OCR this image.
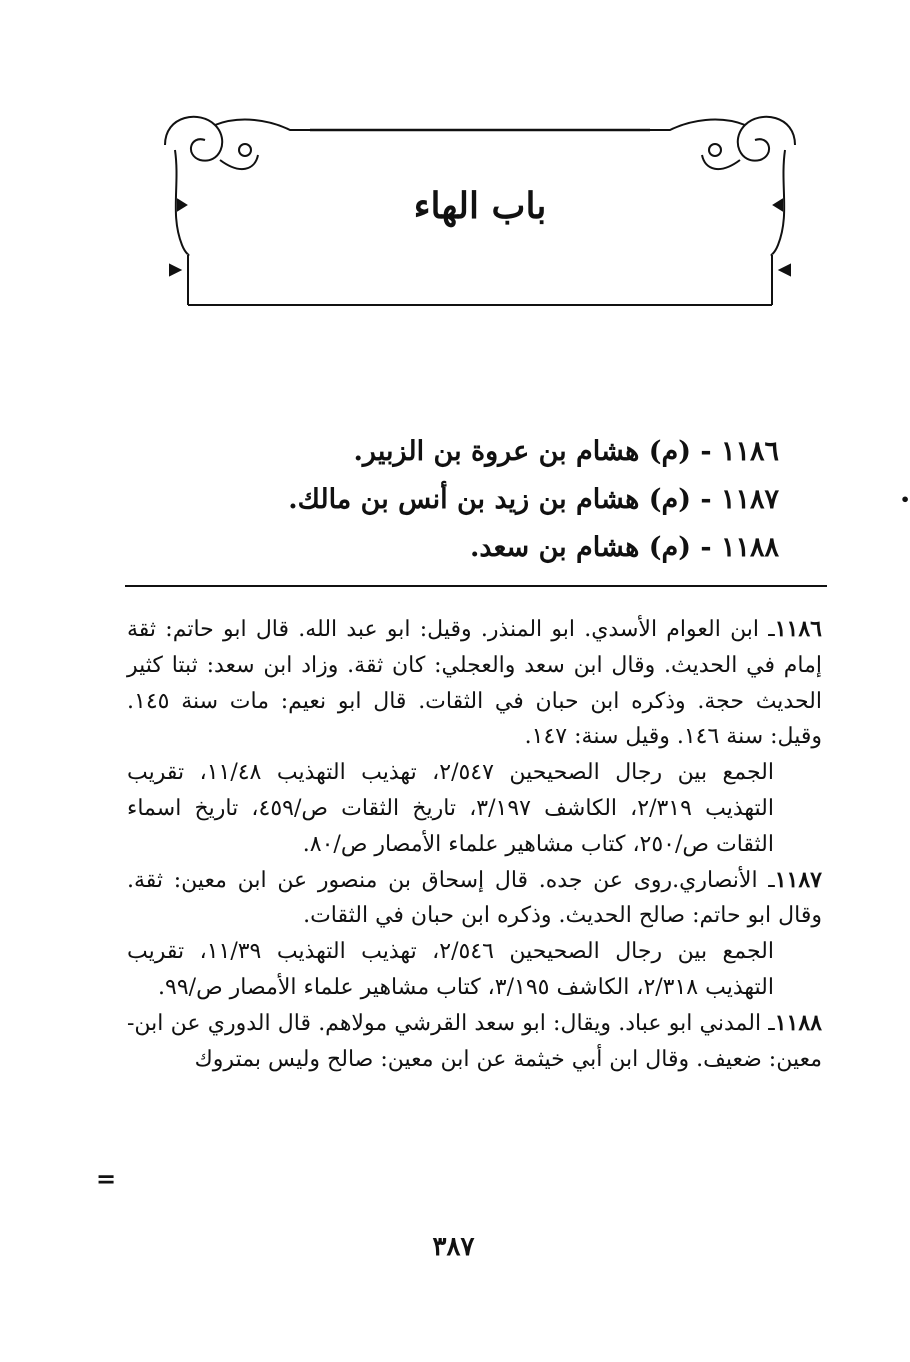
باب الهاء
١١٨٦ - (م) هشام بن عروة بن الزبير.
١١٨٧ - (م) هشام بن زيد بن أنس بن مالك.
١١٨٨ - (م) هشام بن سعد.
•
١١٨٦ـ ابن العوام الأسدي. ابو المنذر. وقيل: ابو عبد الله. قال ابو حاتم: ثقة إمام في الحديث. وقال ابن سعد والعجلي: كان ثقة. وزاد ابن سعد: ثبتا كثير الحديث حجة. وذكره ابن حبان في الثقات. قال ابو نعيم: مات سنة ١٤٥. وقيل: سنة ١٤٦. وقيل سنة: ١٤٧.
الجمع بين رجال الصحيحين ٢/٥٤٧، تهذيب التهذيب ١١/٤٨، تقريب التهذيب ٢/٣١٩، الكاشف ٣/١٩٧، تاريخ الثقات ص/٤٥٩، تاريخ اسماء الثقات ص/٢٥٠، كتاب مشاهير علماء الأمصار ص/٨٠.
١١٨٧ـ الأنصاري.روى عن جده. قال إسحاق بن منصور عن ابن معين: ثقة. وقال ابو حاتم: صالح الحديث. وذكره ابن حبان في الثقات.
الجمع بين رجال الصحيحين ٢/٥٤٦، تهذيب التهذيب ١١/٣٩، تقريب التهذيب ٢/٣١٨، الكاشف ٣/١٩٥، كتاب مشاهير علماء الأمصار ص/٩٩.
١١٨٨ـ المدني ابو عباد. ويقال: ابو سعد القرشي مولاهم. قال الدوري عن ابن- معين: ضعيف. وقال ابن أبي خيثمة عن ابن معين: صالح وليس بمتروك
=
٣٨٧
